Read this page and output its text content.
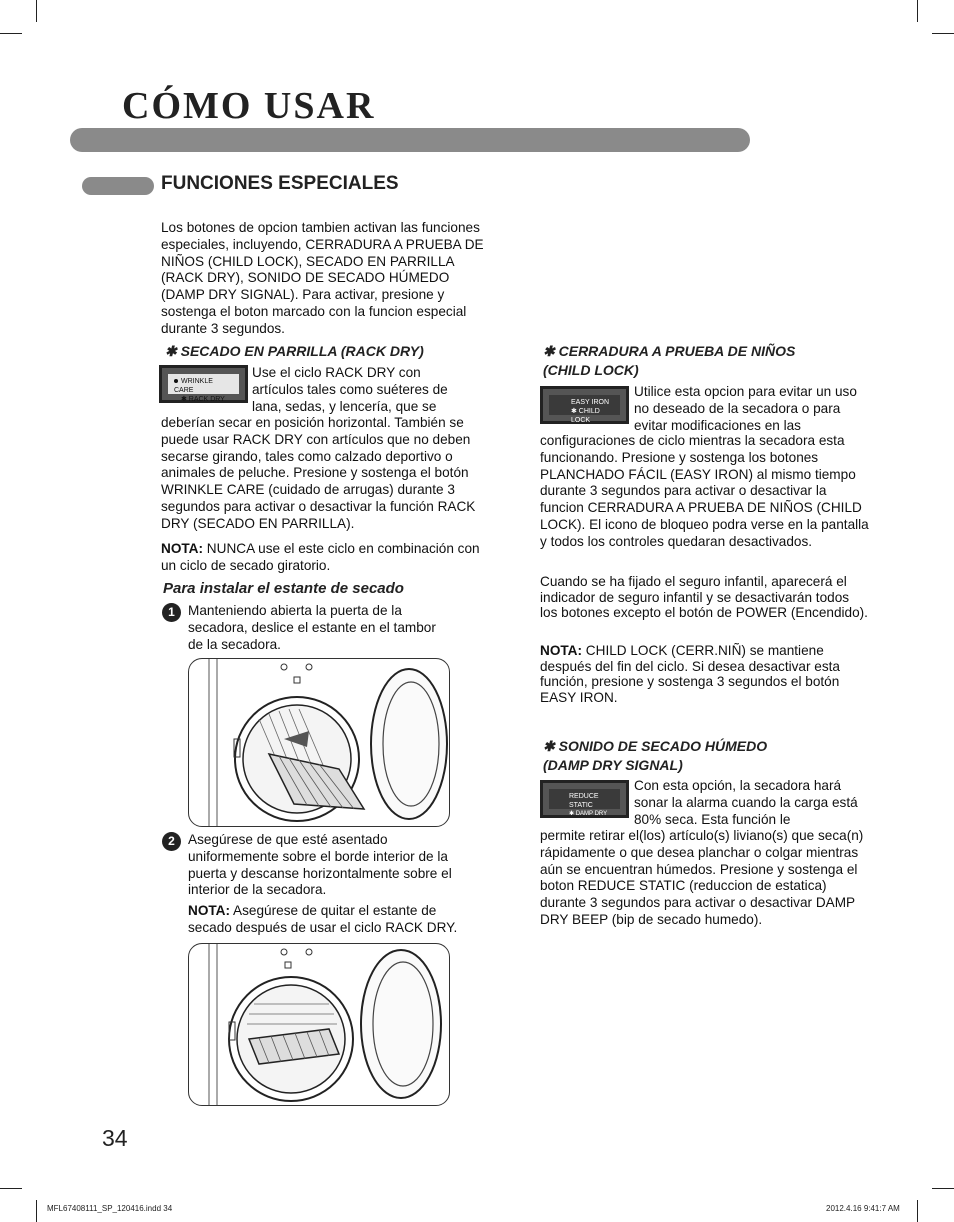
CÓMO USAR
FUNCIONES ESPECIALES
Los botones de opcion tambien activan las funciones especiales, incluyendo, CERRADURA A PRUEBA DE NIÑOS (CHILD LOCK), SECADO EN PARRILLA (RACK DRY), SONIDO DE SECADO HÚMEDO (DAMP DRY SIGNAL). Para activar, presione y sostenga el boton marcado con la funcion especial durante 3 segundos.
✱ SECADO EN PARRILLA (RACK DRY)
WRINKLE CARE
✱ RACK DRY
Use el ciclo RACK DRY con artículos tales como suéteres de lana, sedas, y lencería, que se
deberían secar en posición horizontal. También se puede usar RACK DRY con artículos que no deben secarse girando, tales como calzado deportivo o animales de peluche. Presione y sostenga el botón WRINKLE CARE (cuidado de arrugas) durante 3 segundos para activar o desactivar la función RACK DRY (SECADO EN PARRILLA).
NOTA: NUNCA use el este ciclo en combinación con un ciclo de secado giratorio.
Para instalar el estante de secado
1 Manteniendo abierta la puerta de la secadora, deslice el estante en el tambor de la secadora.
2 Asegúrese de que esté asentado uniformemente sobre el borde interior de la puerta y descanse horizontalmente sobre el interior de la secadora.
NOTA: Asegúrese de quitar el estante de secado después de usar el ciclo RACK DRY.
✱ CERRADURA A PRUEBA DE NIÑOS
(CHILD LOCK)
EASY IRON
✱ CHILD LOCK
Utilice esta opcion para evitar un uso no deseado de la secadora o para evitar modificaciones en las
configuraciones de ciclo mientras la secadora esta funcionando. Presione y sostenga los botones PLANCHADO FÁCIL (EASY IRON) al mismo tiempo durante 3 segundos para activar o desactivar la funcion CERRADURA A PRUEBA DE NIÑOS (CHILD LOCK). El icono de bloqueo podra verse en la pantalla y todos los controles quedaran desactivados.
Cuando se ha fijado el seguro infantil, aparecerá el indicador de seguro infantil y se desactivarán todos los botones excepto el botón de POWER (Encendido).
NOTA: CHILD LOCK (CERR.NIÑ) se mantiene después del fin del ciclo. Si desea desactivar esta función, presione y sostenga 3 segundos el botón EASY IRON.
✱ SONIDO DE SECADO HÚMEDO
(DAMP DRY SIGNAL)
REDUCE STATIC
✱ DAMP DRY SIGNAL
Con esta opción, la secadora hará sonar la alarma cuando la carga está 80% seca. Esta función le
permite retirar el(los) artículo(s) liviano(s) que seca(n) rápidamente o que desea planchar o colgar mientras aún se encuentran húmedos. Presione y sostenga el boton REDUCE STATIC (reduccion de estatica) durante 3 segundos para activar o desactivar DAMP DRY BEEP (bip de secado humedo).
34
MFL67408111_SP_120416.indd 34	2012.4.16 9:41:7 AM
